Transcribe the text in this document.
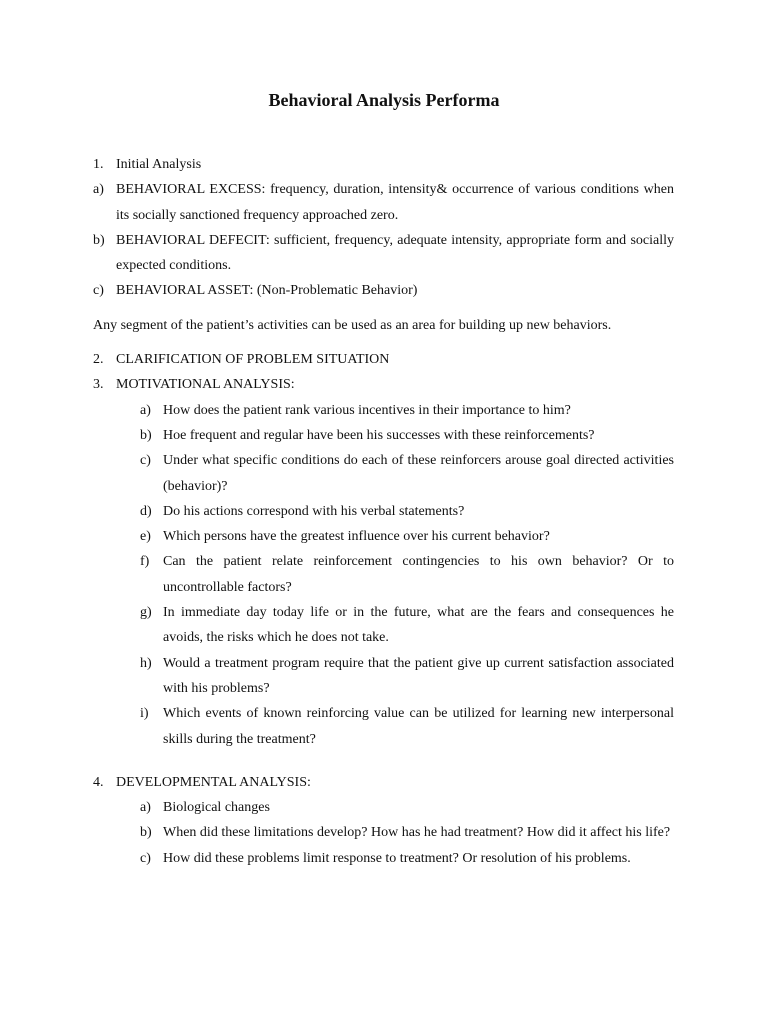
Behavioral Analysis Performa
1. Initial Analysis
a) BEHAVIORAL EXCESS: frequency, duration, intensity& occurrence of various conditions when its socially sanctioned frequency approached zero.
b) BEHAVIORAL DEFECIT: sufficient, frequency, adequate intensity, appropriate form and socially expected conditions.
c) BEHAVIORAL ASSET: (Non-Problematic Behavior)
Any segment of the patient’s activities can be used as an area for building up new behaviors.
2. CLARIFICATION OF PROBLEM SITUATION
3. MOTIVATIONAL ANALYSIS:
a) How does the patient rank various incentives in their importance to him?
b) Hoe frequent and regular have been his successes with these reinforcements?
c) Under what specific conditions do each of these reinforcers arouse goal directed activities (behavior)?
d) Do his actions correspond with his verbal statements?
e) Which persons have the greatest influence over his current behavior?
f) Can the patient relate reinforcement contingencies to his own behavior? Or to uncontrollable factors?
g) In immediate day today life or in the future, what are the fears and consequences he avoids, the risks which he does not take.
h) Would a treatment program require that the patient give up current satisfaction associated with his problems?
i)	Which events of known reinforcing value can be utilized for learning new interpersonal skills during the treatment?
4. DEVELOPMENTAL ANALYSIS:
a) Biological changes
b) When did these limitations develop? How has he had treatment? How did it affect his life?
c) How did these problems limit response to treatment? Or resolution of his problems.
